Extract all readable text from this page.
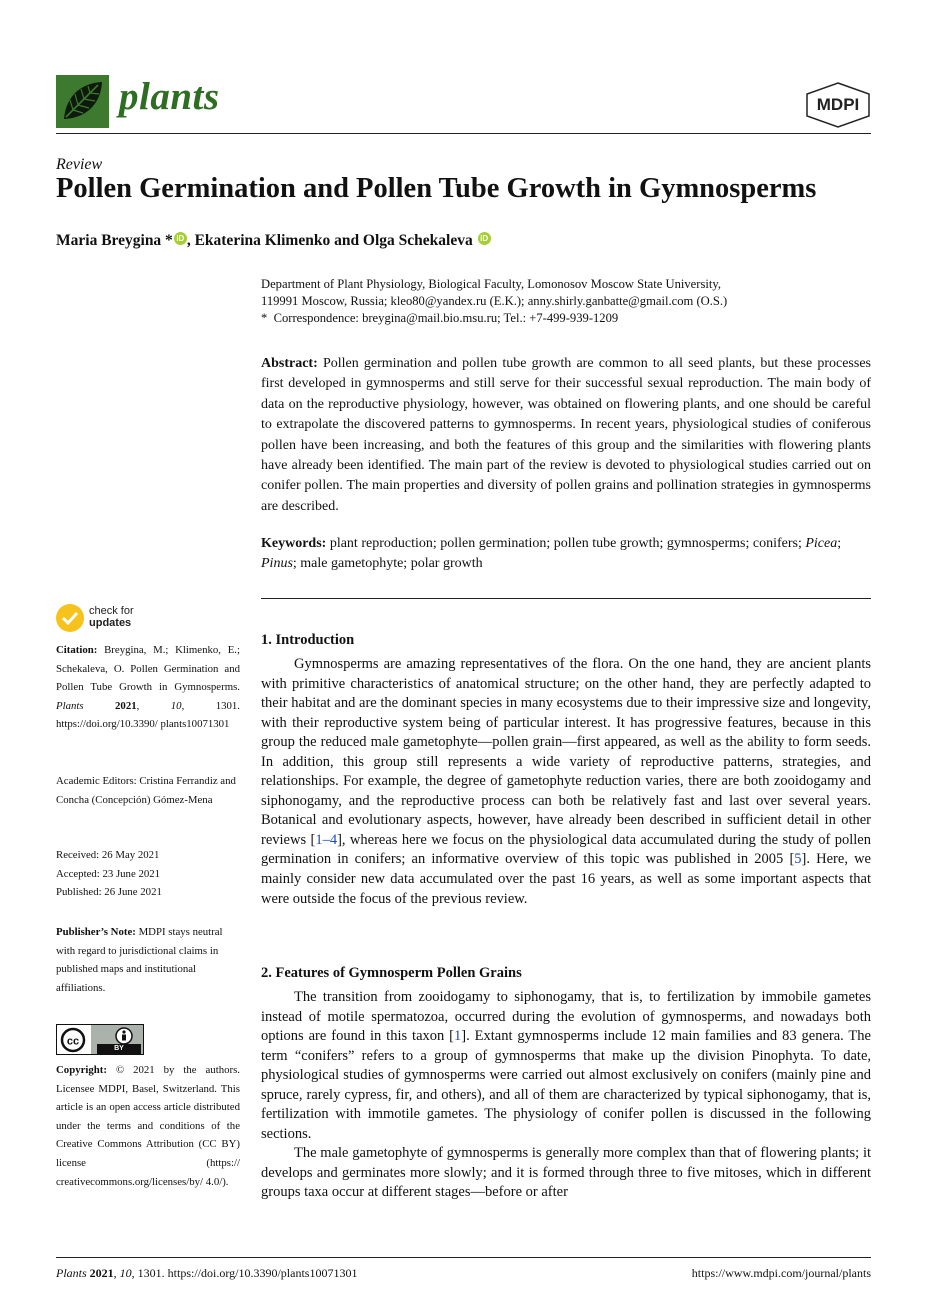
plants	MDPI
Review
Pollen Germination and Pollen Tube Growth in Gymnosperms
Maria Breygina * iD , Ekaterina Klimenko and Olga Schekaleva iD
Department of Plant Physiology, Biological Faculty, Lomonosov Moscow State University,
119991 Moscow, Russia; kleo80@yandex.ru (E.K.); anny.shirly.ganbatte@gmail.com (O.S.)
* Correspondence: breygina@mail.bio.msu.ru; Tel.: +7-499-939-1209
Abstract: Pollen germination and pollen tube growth are common to all seed plants, but these processes first developed in gymnosperms and still serve for their successful sexual reproduction. The main body of data on the reproductive physiology, however, was obtained on flowering plants, and one should be careful to extrapolate the discovered patterns to gymnosperms. In recent years, physiological studies of coniferous pollen have been increasing, and both the features of this group and the similarities with flowering plants have already been identified. The main part of the review is devoted to physiological studies carried out on conifer pollen. The main properties and diversity of pollen grains and pollination strategies in gymnosperms are described.
Keywords: plant reproduction; pollen germination; pollen tube growth; gymnosperms; conifers; Picea; Pinus; male gametophyte; polar growth
check for
updates
Citation: Breygina, M.; Klimenko, E.; Schekaleva, O. Pollen Germination and Pollen Tube Growth in Gymnosperms. Plants	2021, 10, 1301. https://doi.org/10.3390/ plants10071301
Academic Editors: Cristina Ferrandiz and Concha (Concepción) Gómez-Mena
Received: 26 May 2021
Accepted: 23 June 2021
Published: 26 June 2021
Publisher’s Note: MDPI stays neutral with regard to jurisdictional claims in published maps and institutional affiliations.
cc
BY
Copyright: © 2021 by the authors. Licensee MDPI, Basel, Switzerland. This article is an open access article distributed under the terms and conditions of the Creative Commons Attribution (CC BY) license (https:// creativecommons.org/licenses/by/ 4.0/).
1. Introduction

Gymnosperms are amazing representatives of the flora. On the one hand, they are ancient plants with primitive characteristics of anatomical structure; on the other hand, they are perfectly adapted to their habitat and are the dominant species in many ecosystems due to their impressive size and longevity, with their reproductive system being of particular interest. It has progressive features, because in this group the reduced male gametophyte—pollen grain—first appeared, as well as the ability to form seeds. In addition, this group still represents a wide variety of reproductive patterns, strategies, and relationships. For example, the degree of gametophyte reduction varies, there are both zooidogamy and siphonogamy, and the reproductive process can both be relatively fast and last over several years. Botanical and evolutionary aspects, however, have already been described in sufficient detail in other reviews [1–4], whereas here we focus on the physiological data accumulated during the study of pollen germination in conifers; an informative overview of this topic was published in 2005 [5]. Here, we mainly consider new data accumulated over the past 16 years, as well as some important aspects that were outside the focus of the previous review.

2. Features of Gymnosperm Pollen Grains

The transition from zooidogamy to siphonogamy, that is, to fertilization by immobile gametes instead of motile spermatozoa, occurred during the evolution of gymnosperms, and nowadays both options are found in this taxon [1]. Extant gymnosperms include 12 main families and 83 genera. The term “conifers” refers to a group of gymnosperms that make up the division Pinophyta. To date, physiological studies of gymnosperms were carried out almost exclusively on conifers (mainly pine and spruce, rarely cypress, fir, and others), and all of them are characterized by typical siphonogamy, that is, fertilization with immotile gametes. The physiology of conifer pollen is discussed in the following sections.

The male gametophyte of gymnosperms is generally more complex than that of flowering plants; it develops and germinates more slowly; and it is formed through three to five mitoses, which in different groups taxa occur at different stages—before or after

Plants 2021, 10, 1301. https://doi.org/10.3390/plants10071301	https://www.mdpi.com/journal/plants
